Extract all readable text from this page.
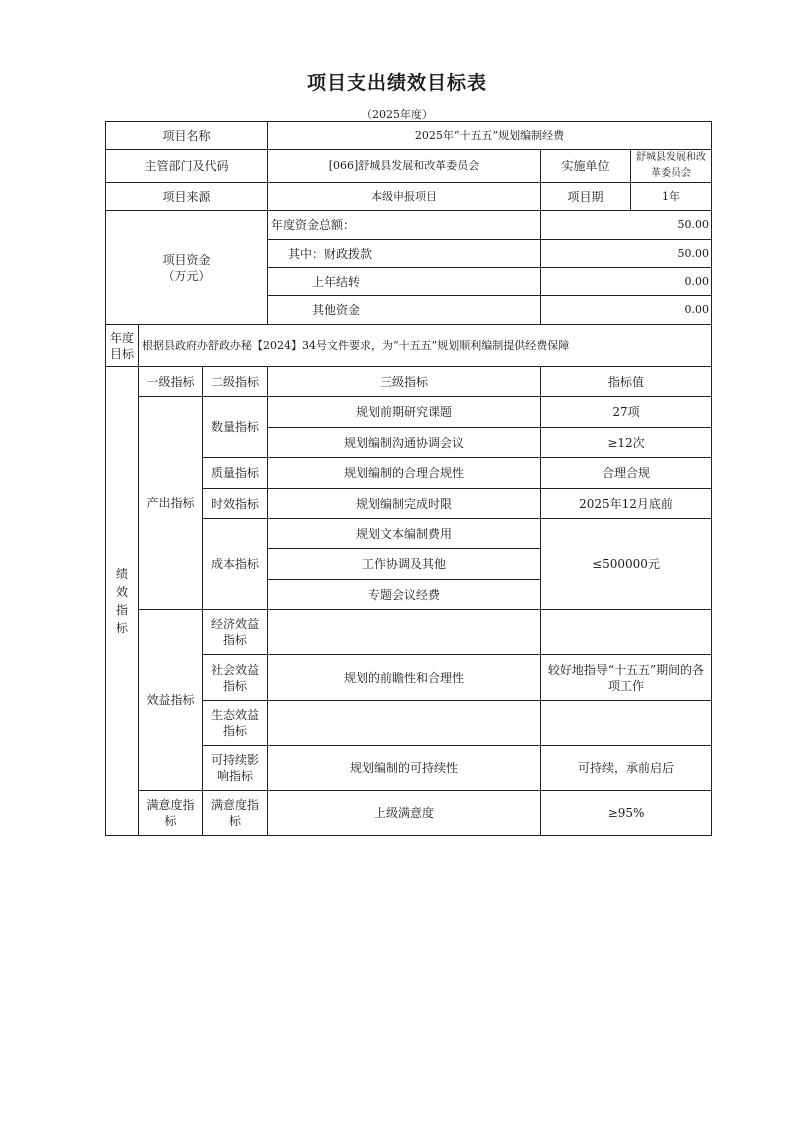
项目支出绩效目标表
（2025年度）
项目名称			2025年“十五五”规划编制经费		
主管部门及代码			[066]舒城县发展和改革委员会	实施单位	舒城县发展和改革委员会
项目来源			本级申报项目	项目期	1年

项目资金
（万元）			年度资金总额：	50.00	
			其中：财政拨款	50.00	
			上年结转	0.00	
			其他资金	0.00	
年度目标	根据县政府办舒政办秘【2024】34号文件要求，为“十五五”规划顺利编制提供经费保障				

绩效指标	一级指标	二级指标	三级指标	指标值	
	产出指标	数量指标	规划前期研究课题	27项	
			规划编制沟通协调会议	≥12次	
		质量指标	规划编制的合理合规性	合理合规	
		时效指标	规划编制完成时限	2025年12月底前	
		成本指标	规划文本编制费用	≤500000元	
			工作协调及其他		
			专题会议经费		
	效益指标	经济效益指标			
		社会效益指标	规划的前瞻性和合理性	较好地指导“十五五”期间的各项工作	
		生态效益指标			
		可持续影响指标	规划编制的可持续性	可持续，承前启后	
	满意度指标	满意度指标	上级满意度	≥95%	
